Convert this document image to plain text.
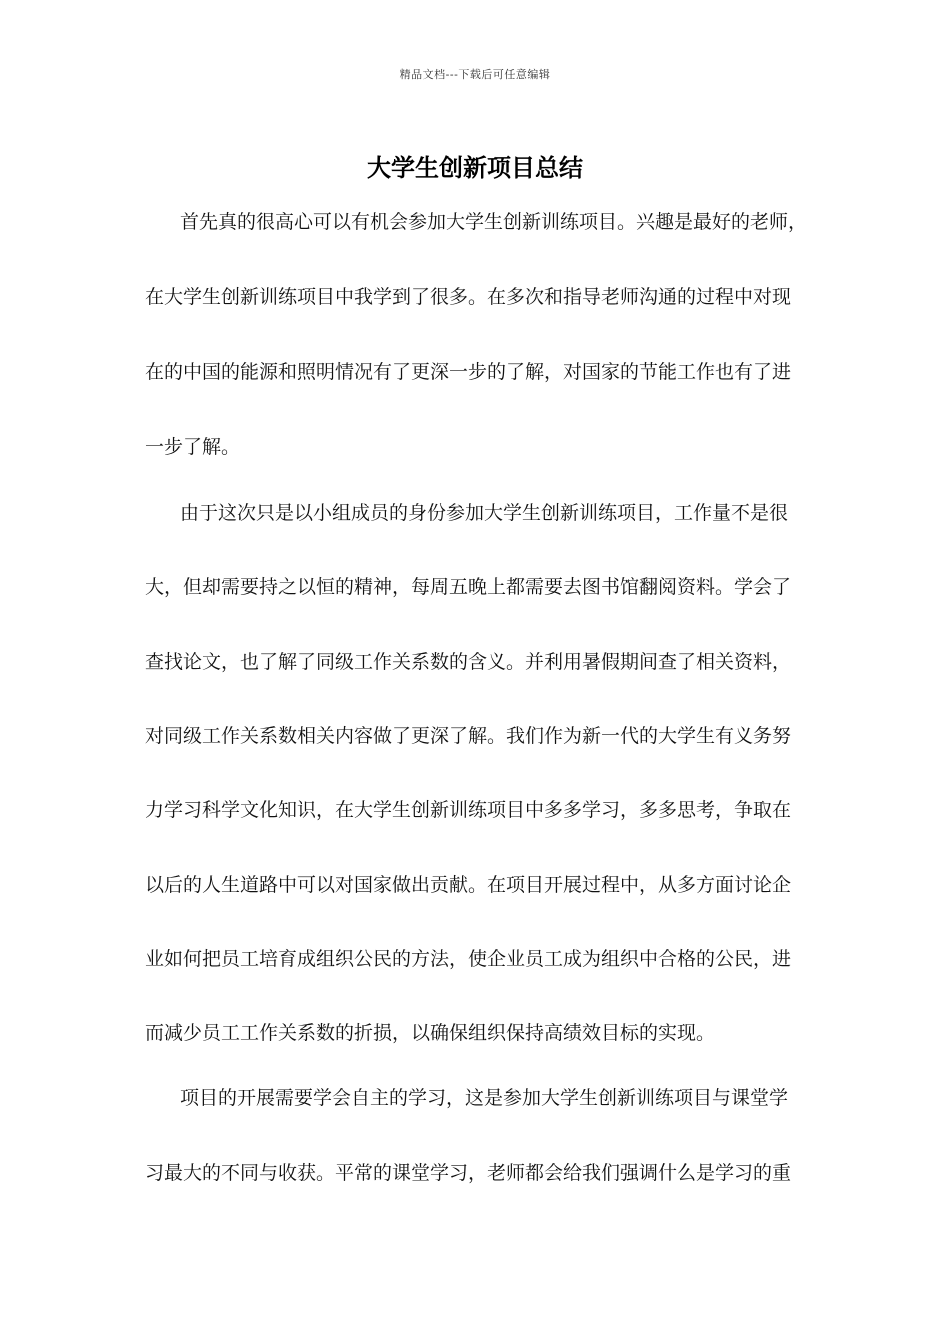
精品文档---下载后可任意编辑
大学生创新项目总结
首先真的很高心可以有机会参加大学生创新训练项目。兴趣是最好的老师，
在大学生创新训练项目中我学到了很多。在多次和指导老师沟通的过程中对现
在的中国的能源和照明情况有了更深一步的了解，对国家的节能工作也有了进
一步了解。
由于这次只是以小组成员的身份参加大学生创新训练项目，工作量不是很
大，但却需要持之以恒的精神，每周五晚上都需要去图书馆翻阅资料。学会了
查找论文，也了解了同级工作关系数的含义。并利用暑假期间查了相关资料，
对同级工作关系数相关内容做了更深了解。我们作为新一代的大学生有义务努
力学习科学文化知识，在大学生创新训练项目中多多学习，多多思考，争取在
以后的人生道路中可以对国家做出贡献。在项目开展过程中，从多方面讨论企
业如何把员工培育成组织公民的方法，使企业员工成为组织中合格的公民，进
而减少员工工作关系数的折损，以确保组织保持高绩效目标的实现。
项目的开展需要学会自主的学习，这是参加大学生创新训练项目与课堂学
习最大的不同与收获。平常的课堂学习，老师都会给我们强调什么是学习的重
